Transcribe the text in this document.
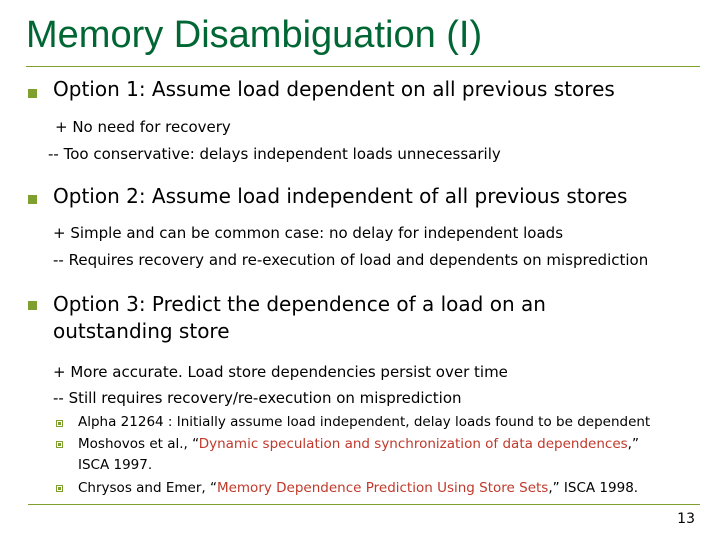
Memory Disambiguation (I)
Option 1: Assume load dependent on all previous stores
+ No need for recovery
-- Too conservative: delays independent loads unnecessarily
Option 2: Assume load independent of all previous stores
+ Simple and can be common case: no delay for independent loads
-- Requires recovery and re-execution of load and dependents on misprediction
Option 3: Predict the dependence of a load on an outstanding store
+ More accurate. Load store dependencies persist over time
-- Still requires recovery/re-execution on misprediction
Alpha 21264 : Initially assume load independent, delay loads found to be dependent
Moshovos et al., “Dynamic speculation and synchronization of data dependences,”
ISCA 1997.
Chrysos and Emer, “Memory Dependence Prediction Using Store Sets,” ISCA 1998.
13
